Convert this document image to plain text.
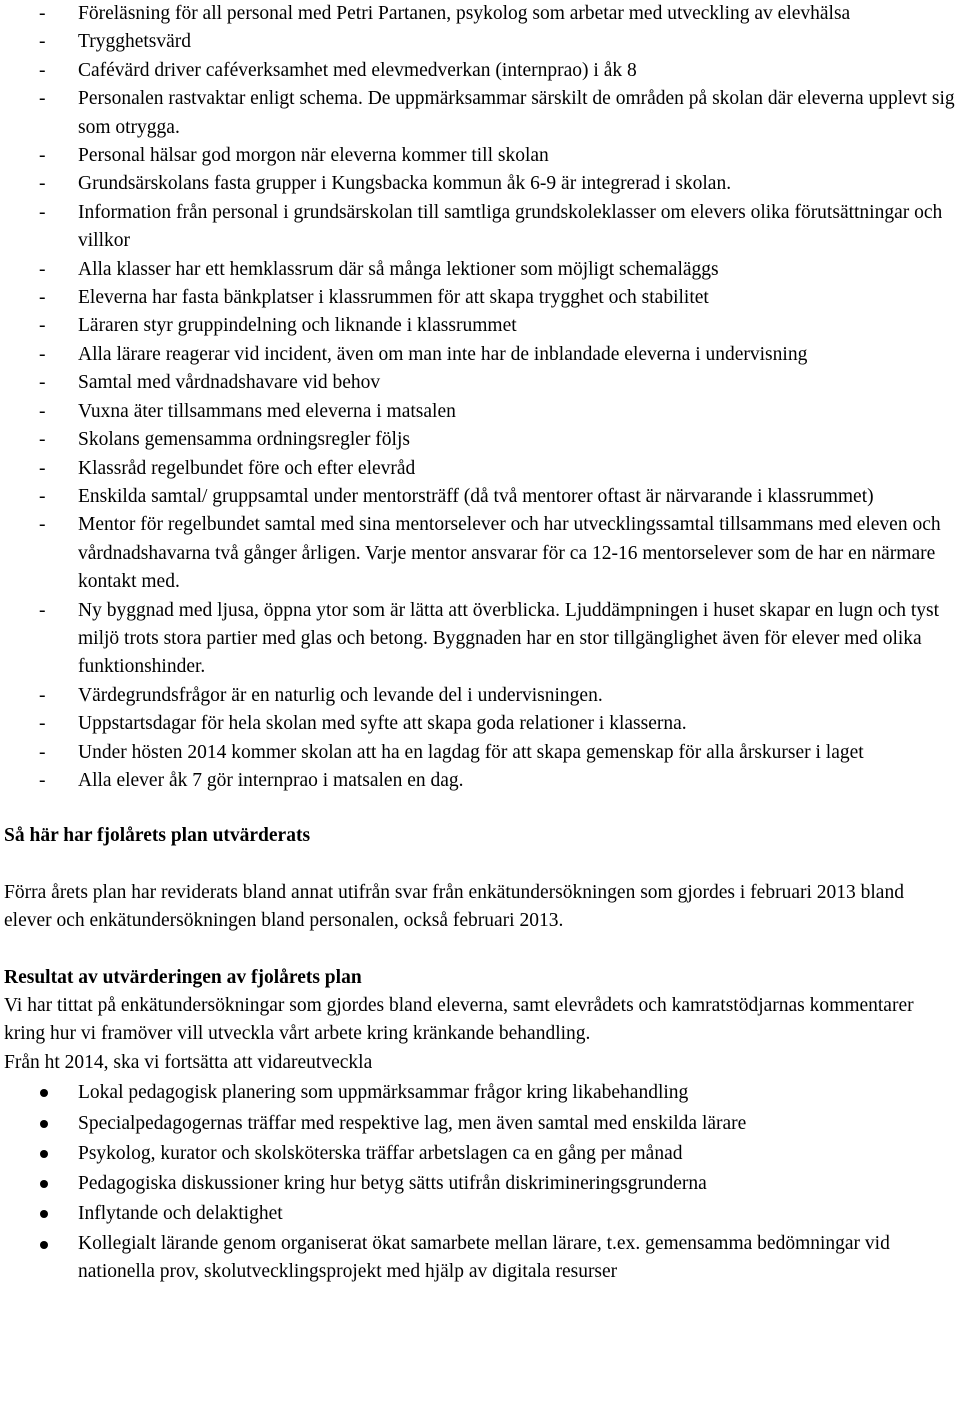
- Föreläsning för all personal med Petri Partanen, psykolog som arbetar med utveckling av elevhälsa
- Trygghetsvärd
- Cafévärd driver caféverksamhet med elevmedverkan (internprao) i åk 8
- Personalen rastvaktar enligt schema. De uppmärksammar särskilt de områden på skolan där eleverna upplevt sig som otrygga.
- Personal hälsar god morgon när eleverna kommer till skolan
- Grundsärskolans fasta grupper i Kungsbacka kommun åk 6-9 är integrerad i skolan.
- Information från personal i grundsärskolan till samtliga grundskoleklasser om elevers olika förutsättningar och villkor
- Alla klasser har ett hemklassrum där så många lektioner som möjligt schemaläggs
- Eleverna har fasta bänkplatser i klassrummen för att skapa trygghet och stabilitet
- Läraren styr gruppindelning och liknande i klassrummet
- Alla lärare reagerar vid incident, även om man inte har de inblandade eleverna i undervisning
- Samtal med vårdnadshavare vid behov
- Vuxna äter tillsammans med eleverna i matsalen
- Skolans gemensamma ordningsregler följs
- Klassråd regelbundet före och efter elevråd
- Enskilda samtal/ gruppsamtal under mentorsträff (då två mentorer oftast är närvarande i klassrummet)
- Mentor för regelbundet samtal med sina mentorselever och har utvecklingssamtal tillsammans med eleven och vårdnadshavarna två gånger årligen. Varje mentor ansvarar för ca 12-16 mentorselever som de har en närmare kontakt med.
- Ny byggnad med ljusa, öppna ytor som är lätta att överblicka. Ljuddämpningen i huset skapar en lugn och tyst miljö trots stora partier med glas och betong. Byggnaden har en stor tillgänglighet även för elever med olika funktionshinder.
- Värdegrundsfrågor är en naturlig och levande del i undervisningen.
- Uppstartsdagar för hela skolan med syfte att skapa goda relationer i klasserna.
- Under hösten 2014 kommer skolan att ha en lagdag för att skapa gemenskap för alla årskurser i laget
- Alla elever åk 7 gör internprao i matsalen en dag.
Så här har fjolårets plan utvärderats

Förra årets plan har reviderats bland annat utifrån svar från enkätundersökningen som gjordes i februari 2013 bland elever och enkätundersökningen bland personalen, också februari 2013.

Resultat av utvärderingen av fjolårets plan

Vi har tittat på enkätundersökningar som gjordes bland eleverna, samt elevrådets och kamratstödjarnas kommentarer kring hur vi framöver vill utveckla vårt arbete kring kränkande behandling.

Från ht 2014, ska vi fortsätta att vidareutveckla

Lokal pedagogisk planering som uppmärksammar frågor kring likabehandling
Specialpedagogernas träffar med respektive lag, men även samtal med enskilda lärare
Psykolog, kurator och skolsköterska träffar arbetslagen ca en gång per månad
Pedagogiska diskussioner kring hur betyg sätts utifrån diskrimineringsgrunderna
Inflytande och delaktighet
Kollegialt lärande genom organiserat ökat samarbete mellan lärare, t.ex. gemensamma bedömningar vid nationella prov, skolutvecklingsprojekt med hjälp av digitala resurser
